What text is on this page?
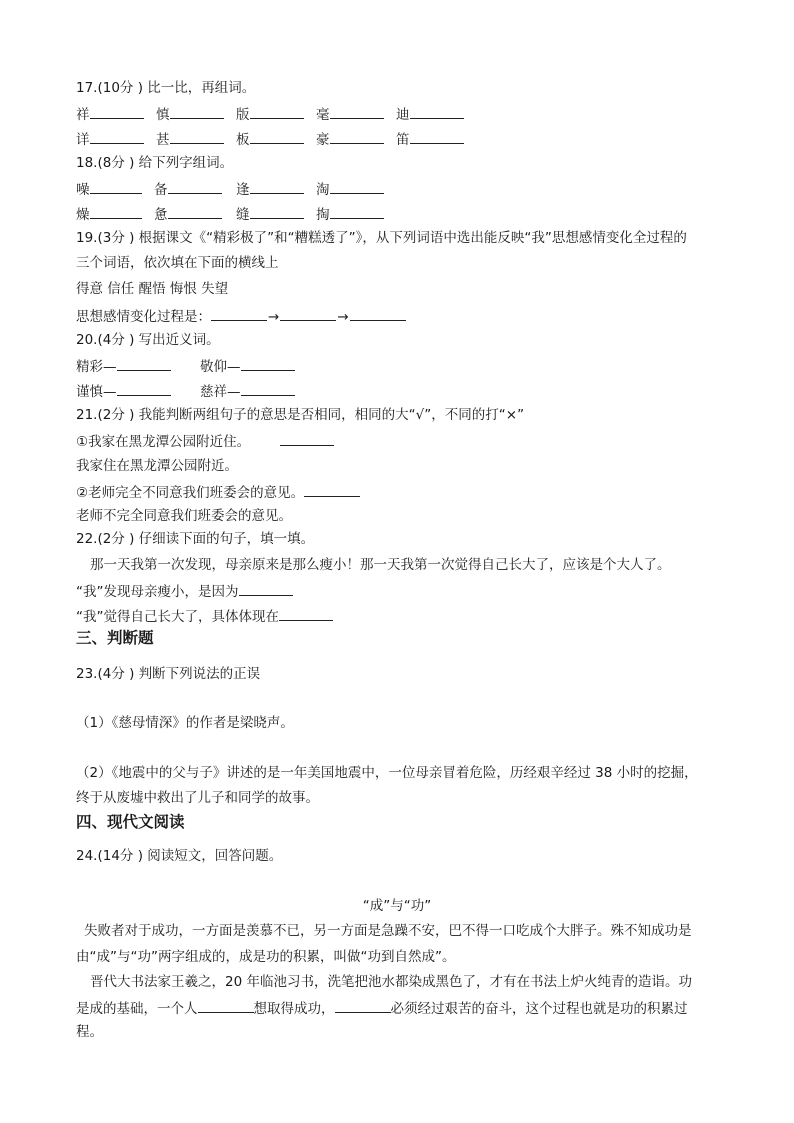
17.(10分 ) 比一比，再组词。
祥	慎	版	毫	迪
详	甚	板	豪	笛
18.(8分 ) 给下列字组词。
噪	备	逢	淘
燥	惫	缝	掏
19.(3分 ) 根据课文《“精彩极了”和“糟糕透了”》，从下列词语中选出能反映“我”思想感情变化全过程的
三个词语，依次填在下面的横线上
得意 信任 醒悟 悔恨 失望
思想感情变化过程是：	→	→
20.(4分 ) 写出近义词。
精彩—	敬仰—
谨慎—	慈祥—
21.(2分 ) 我能判断两组句子的意思是否相同，相同的大“√”，不同的打“×”
①我家在黑龙潭公园附近住。
我家住在黑龙潭公园附近。
②老师完全不同意我们班委会的意见。
老师不完全同意我们班委会的意见。
22.(2分 ) 仔细读下面的句子，填一填。
那一天我第一次发现，母亲原来是那么瘦小！那一天我第一次觉得自己长大了，应该是个大人了。
“我”发现母亲瘦小，是因为
“我”觉得自己长大了，具体体现在
三、判断题
23.(4分 ) 判断下列说法的正误
（1）《慈母情深》的作者是梁晓声。
（2）《地震中的父与子》讲述的是一年美国地震中，一位母亲冒着危险，历经艰辛经过 38 小时的挖掘，
终于从废墟中救出了儿子和同学的故事。
四、现代文阅读
24.(14分 ) 阅读短文，回答问题。
“成”与“功”
失败者对于成功，一方面是羡慕不已，另一方面是急躁不安，巴不得一口吃成个大胖子。殊不知成功是
由“成”与“功”两字组成的，成是功的积累，叫做“功到自然成”。
晋代大书法家王羲之，20 年临池习书，洗笔把池水都染成黑色了，才有在书法上炉火纯青的造诣。功
是成的基础，一个人	想取得成功，	必须经过艰苦的奋斗，这个过程也就是功的积累过
程。
